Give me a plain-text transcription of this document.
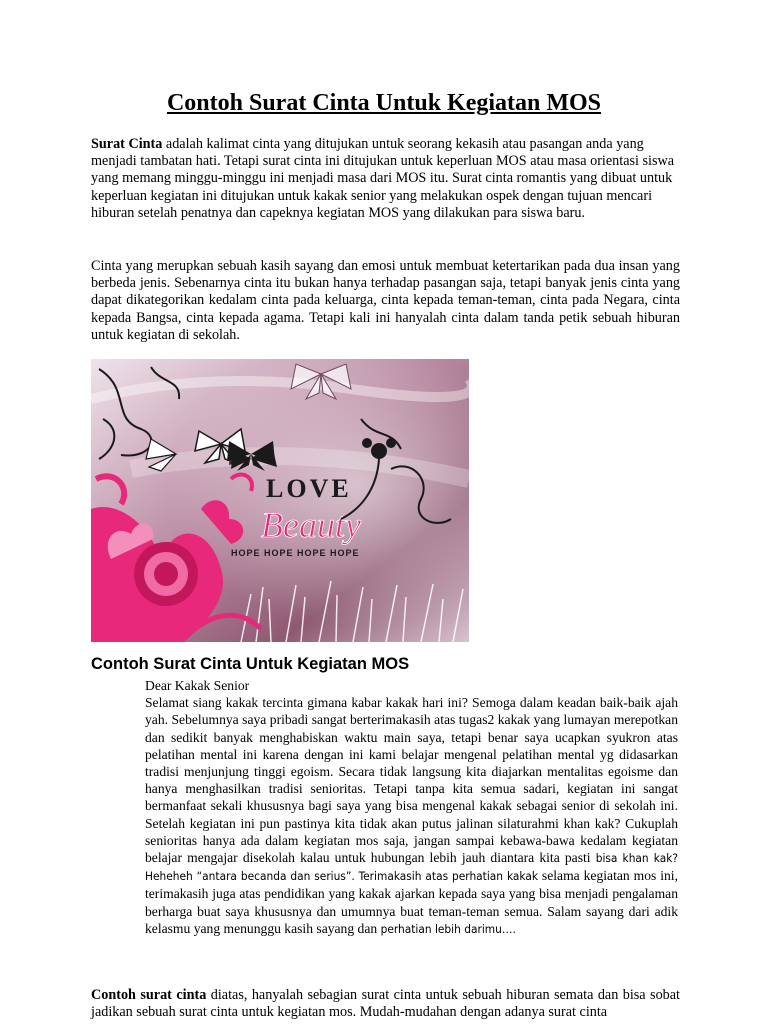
Contoh Surat Cinta Untuk Kegiatan MOS

Surat Cinta adalah kalimat cinta yang ditujukan untuk seorang kekasih atau pasangan anda yang menjadi tambatan hati. Tetapi surat cinta ini ditujukan untuk keperluan MOS atau masa orientasi siswa yang memang minggu-minggu ini menjadi masa dari MOS itu. Surat cinta romantis yang dibuat untuk keperluan kegiatan ini ditujukan untuk kakak senior yang melakukan ospek dengan tujuan mencari hiburan setelah penatnya dan capeknya kegiatan MOS yang dilakukan para siswa baru.

Cinta yang merupkan sebuah kasih sayang dan emosi untuk membuat ketertarikan pada dua insan yang berbeda jenis. Sebenarnya cinta itu bukan hanya terhadap pasangan saja, tetapi banyak jenis cinta yang dapat dikategorikan kedalam cinta pada keluarga, cinta kepada teman-teman, cinta pada Negara, cinta kepada Bangsa, cinta kepada agama. Tetapi kali ini hanyalah cinta dalam tanda petik sebuah hiburan untuk kegiatan di sekolah.

LOVE
Beauty
HOPE HOPE HOPE HOPE
Contoh Surat Cinta Untuk Kegiatan MOS
Dear Kakak Senior
Selamat siang kakak tercinta gimana kabar kakak hari ini? Semoga dalam keadan baik-baik ajah yah. Sebelumnya saya pribadi sangat berterimakasih atas tugas2 kakak yang lumayan merepotkan dan sedikit banyak menghabiskan waktu main saya, tetapi benar saya ucapkan syukron atas pelatihan mental ini karena dengan ini kami belajar mengenal pelatihan mental yg didasarkan tradisi menjunjung tinggi egoism. Secara tidak langsung kita diajarkan mentalitas egoisme dan hanya menghasilkan tradisi senioritas. Tetapi tanpa kita semua sadari, kegiatan ini sangat bermanfaat sekali khususnya bagi saya yang bisa mengenal kakak sebagai senior di sekolah ini. Setelah kegiatan ini pun pastinya kita tidak akan putus jalinan silaturahmi khan kak? Cukuplah senioritas hanya ada dalam kegiatan mos saja, jangan sampai kebawa-bawa kedalam kegiatan belajar mengajar disekolah kalau untuk hubungan lebih jauh diantara kita pasti bisa khan kak? Heheheh “antara becanda dan serius”. Terimakasih atas perhatian kakak selama kegiatan mos ini, terimakasih juga atas pendidikan yang kakak ajarkan kepada saya yang bisa menjadi pengalaman berharga buat saya khususnya dan umumnya buat teman-teman semua. Salam sayang dari adik kelasmu yang menunggu kasih sayang dan perhatian lebih darimu….

Contoh surat cinta diatas, hanyalah sebagian surat cinta untuk sebuah hiburan semata dan bisa sobat jadikan sebuah surat cinta untuk kegiatan mos. Mudah-mudahan dengan adanya surat cinta
